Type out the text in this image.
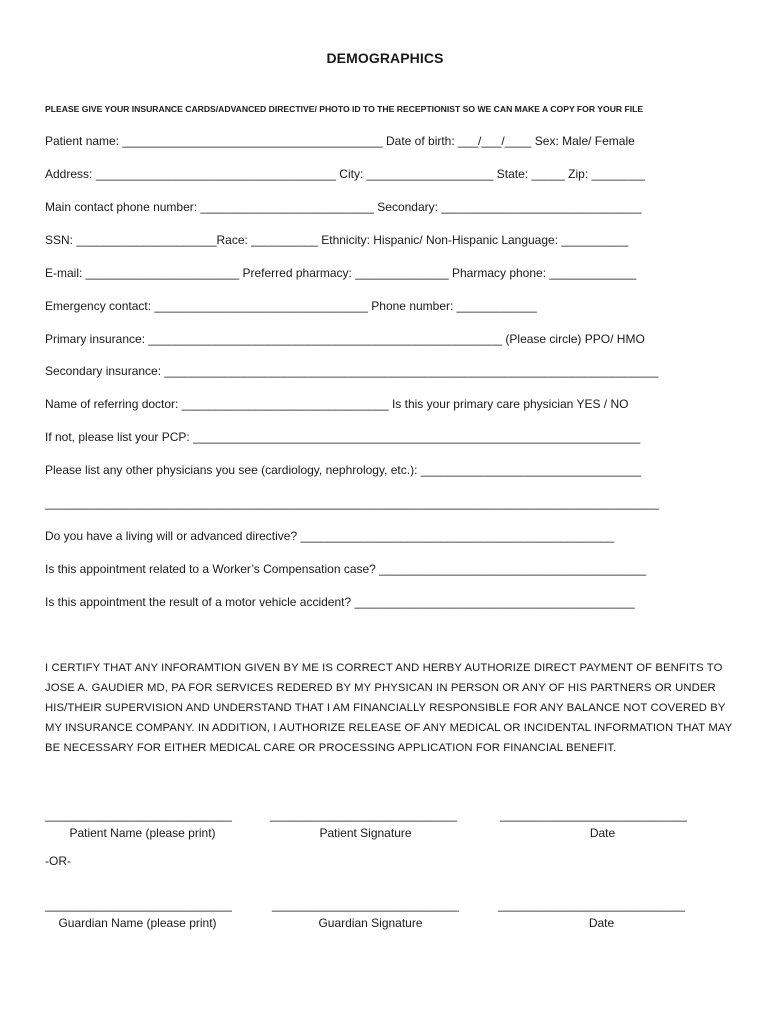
DEMOGRAPHICS
PLEASE GIVE YOUR INSURANCE CARDS/ADVANCED DIRECTIVE/ PHOTO ID TO THE RECEPTIONIST SO WE CAN MAKE A COPY FOR YOUR FILE
Patient name: _______________________________________ Date of birth: ___/___/____ Sex: Male/ Female
Address: ____________________________________ City: ___________________ State: _____ Zip: ________
Main contact phone number: __________________________ Secondary: ______________________________
SSN: _____________________Race: __________ Ethnicity: Hispanic/ Non-Hispanic Language: __________
E-mail: _______________________ Preferred pharmacy: ______________ Pharmacy phone: _____________
Emergency contact: ________________________________ Phone number: ____________
Primary insurance: _____________________________________________________ (Please circle) PPO/ HMO
Secondary insurance: __________________________________________________________________________
Name of referring doctor: _______________________________ Is this your primary care physician YES / NO
If not, please list your PCP: ___________________________________________________________________
Please list any other physicians you see (cardiology, nephrology, etc.): _________________________________
____________________________________________________________________________________________
Do you have a living will or advanced directive? _______________________________________________
Is this appointment related to a Worker’s Compensation case? ________________________________________
Is this appointment the result of a motor vehicle accident? __________________________________________
I CERTIFY THAT ANY INFORAMTION GIVEN BY ME IS CORRECT AND HERBY AUTHORIZE DIRECT PAYMENT OF BENFITS TO JOSE A. GAUDIER MD, PA FOR SERVICES REDERED BY MY PHYSICAN IN PERSON OR ANY OF HIS PARTNERS OR UNDER HIS/THEIR SUPERVISION AND UNDERSTAND THAT I AM FINANCIALLY RESPONSIBLE FOR ANY BALANCE NOT COVERED BY MY INSURANCE COMPANY. IN ADDITION, I AUTHORIZE RELEASE OF ANY MEDICAL OR INCIDENTAL INFORMATION THAT MAY BE NECESSARY FOR EITHER MEDICAL CARE OR PROCESSING APPLICATION FOR FINANCIAL BENEFIT.
____________________________	____________________________	____________________________
Patient Name (please print)	Patient Signature	Date
-OR-
____________________________	____________________________	____________________________
Guardian Name (please print)	Guardian Signature	Date
